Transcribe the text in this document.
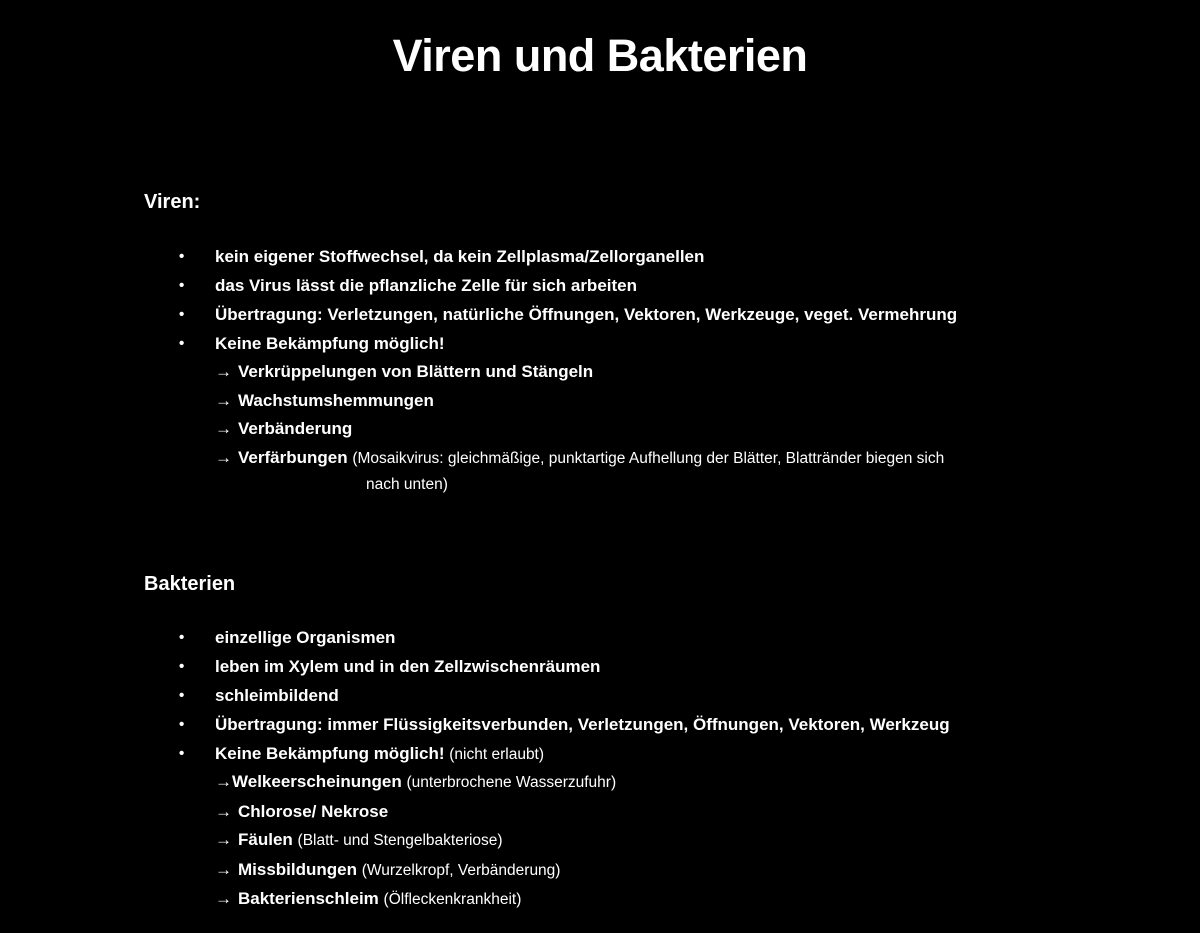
Viren und Bakterien
Viren:
• kein eigener Stoffwechsel, da kein Zellplasma/Zellorganellen
• das Virus lässt die pflanzliche Zelle für sich arbeiten
• Übertragung: Verletzungen, natürliche Öffnungen, Vektoren, Werkzeuge, veget. Vermehrung
• Keine Bekämpfung möglich!
→ Verkrüppelungen von Blättern und Stängeln
→ Wachstumshemmungen
→ Verbänderung
→ Verfärbungen (Mosaikvirus: gleichmäßige, punktartige Aufhellung der Blätter, Blattränder biegen sich
nach unten)
Bakterien
• einzellige Organismen
• leben im Xylem und in den Zellzwischenräumen
• schleimbildend
• Übertragung: immer Flüssigkeitsverbunden, Verletzungen, Öffnungen, Vektoren, Werkzeug
• Keine Bekämpfung möglich! (nicht erlaubt)
→Welkeerscheinungen (unterbrochene Wasserzufuhr)
→ Chlorose/ Nekrose
→ Fäulen (Blatt- und Stengelbakteriose)
→ Missbildungen (Wurzelkropf, Verbänderung)
→ Bakterienschleim (Ölfleckenkrankheit)
